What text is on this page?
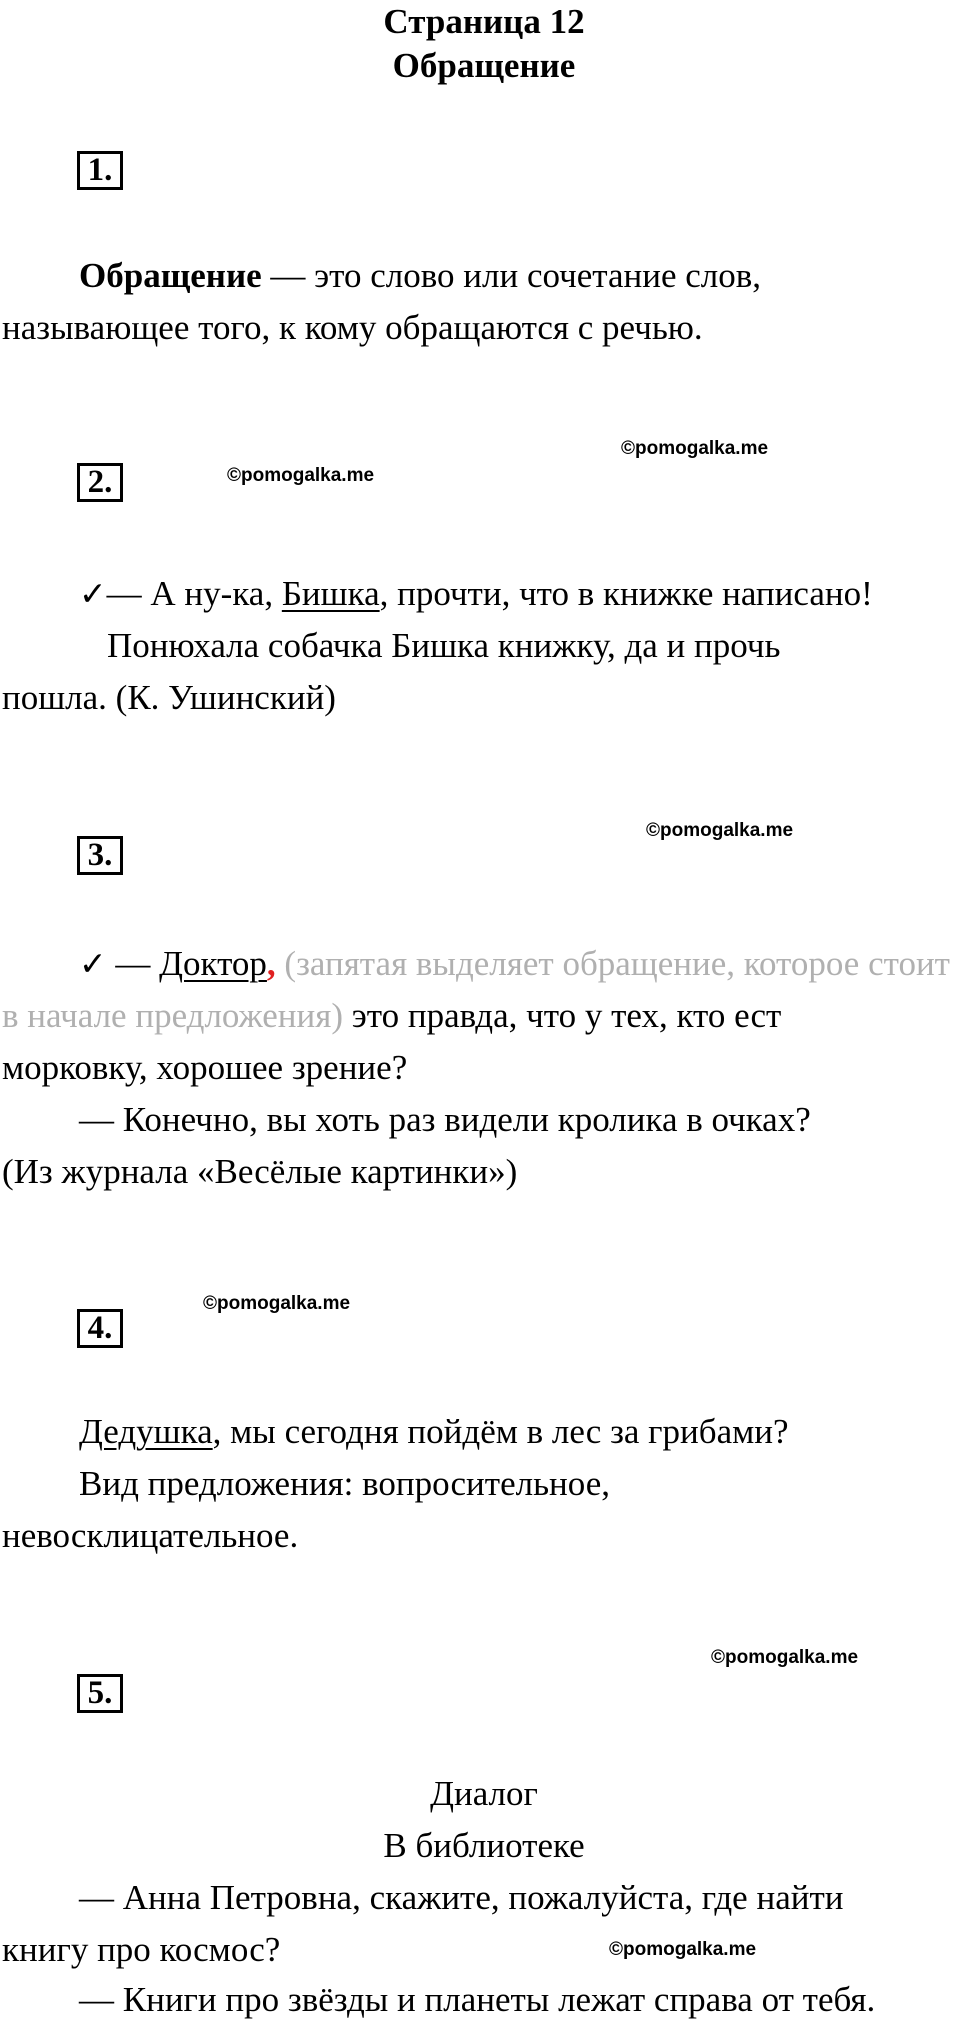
Страница 12
Обращение
1.
Обращение — это слово или сочетание слов,
называющее того, к кому обращаются с речью.
©pomogalka.me
2.	©pomogalka.me
✓— А ну-ка, Бишка, прочти, что в книжке написано!
Понюхала собачка Бишка книжку, да и прочь
пошла. (К. Ушинский)
©pomogalka.me
3.
✓ — Доктор, (запятая выделяет обращение, которое стоит
в начале предложения) это правда, что у тех, кто ест
морковку, хорошее зрение?
— Конечно, вы хоть раз видели кролика в очках?
(Из журнала «Весёлые картинки»)
©pomogalka.me
4.
Дедушка, мы сегодня пойдём в лес за грибами?
Вид предложения: вопросительное,
невосклицательное.
©pomogalka.me
5.
Диалог
В библиотеке
— Анна Петровна, скажите, пожалуйста, где найти
книгу про космос?	©pomogalka.me
— Книги про звёзды и планеты лежат справа от тебя.
